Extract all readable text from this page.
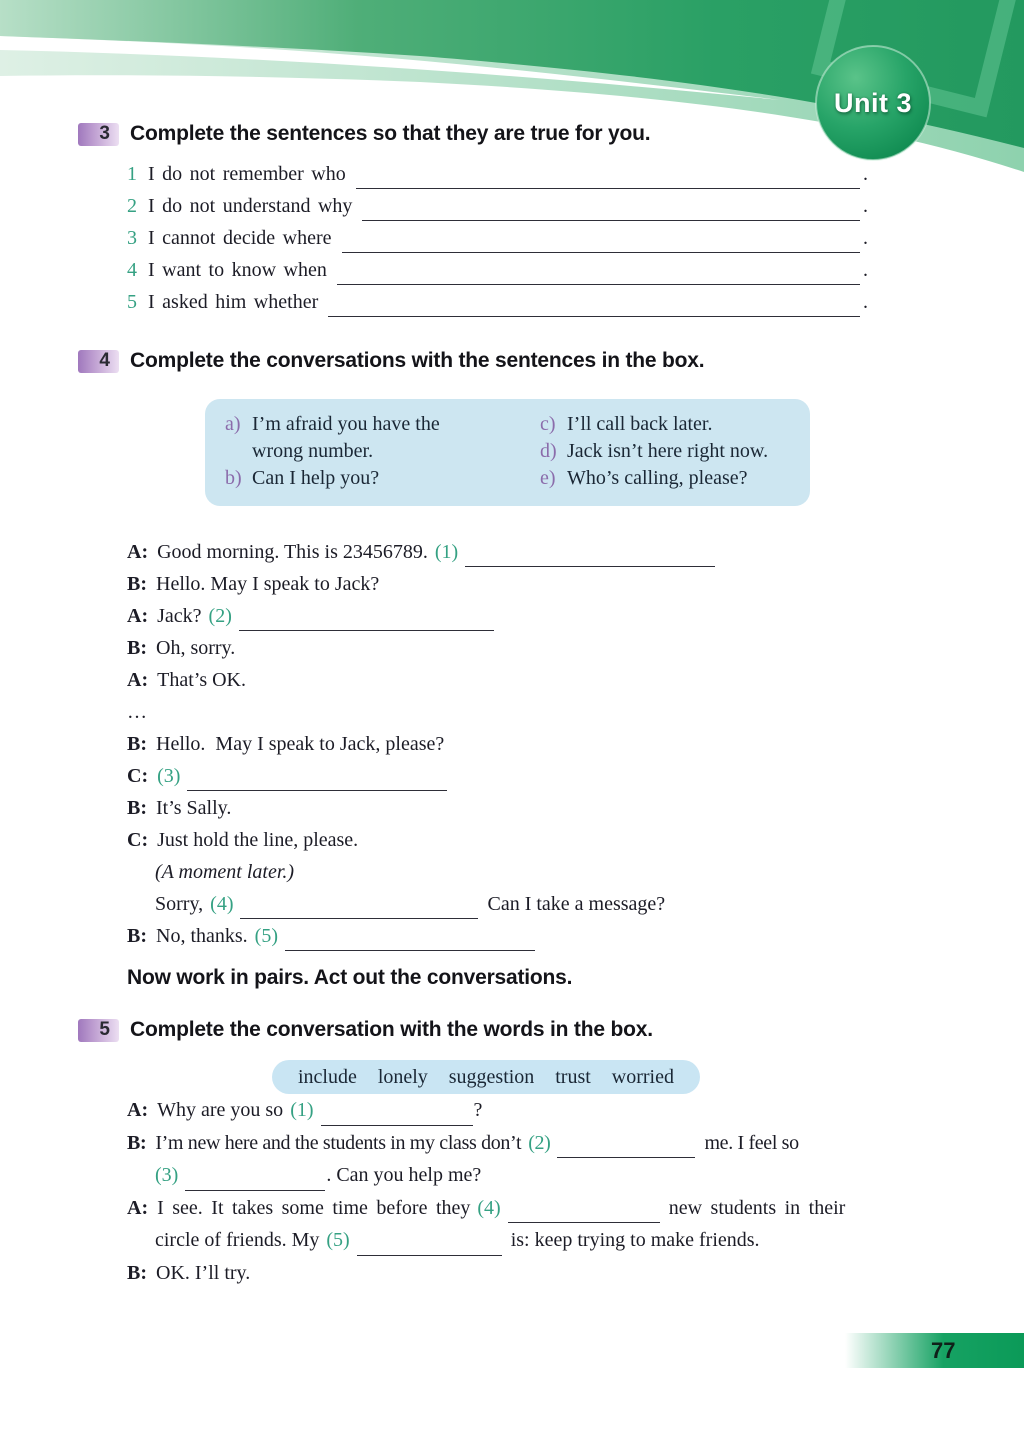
Unit 3
3 Complete the sentences so that they are true for you.
1 I do not remember who	.
2 I do not understand why	.
3 I cannot decide where	.
4 I want to know when	.
5 I asked him whether	.
4 Complete the conversations with the sentences in the box.
a) I’m afraid you have the wrong number.
b) Can I help you?
c) I’ll call back later.
d) Jack isn’t here right now.
e) Who’s calling, please?
A: Good morning. This is 23456789. (1)
B: Hello. May I speak to Jack?
A: Jack? (2)
B: Oh, sorry.
A: That’s OK.
…
B: Hello.  May I speak to Jack, please?
C: (3)
B: It’s Sally.
C: Just hold the line, please.
(A moment later.)
Sorry, (4)	Can I take a message?
B: No, thanks. (5)
Now work in pairs. Act out the conversations.
5 Complete the conversation with the words in the box.
include lonely suggestion trust worried
A: Why are you so (1)	?
B: I’m new here and the students in my class don’t (2)	me. I feel so
(3)	. Can you help me?
A: I see. It takes some time before they (4)	new students in their
circle of friends. My (5)	is: keep trying to make friends.
B: OK. I’ll try.
77
